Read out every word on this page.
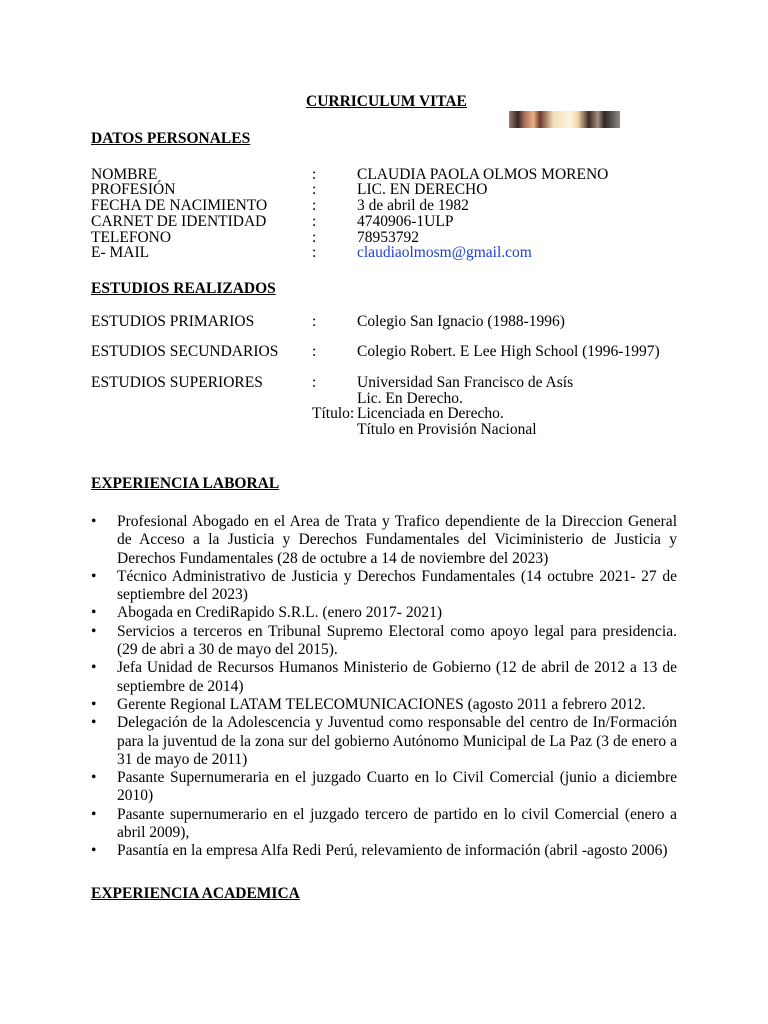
CURRICULUM VITAE
DATOS PERSONALES
NOMBRE	:	CLAUDIA PAOLA OLMOS MORENO
PROFESIÓN	:	LIC. EN DERECHO
FECHA DE NACIMIENTO	:	3 de abril de 1982
CARNET DE IDENTIDAD	:	4740906-1ULP
TELEFONO	:	78953792
E- MAIL	:	claudiaolmosm@gmail.com
ESTUDIOS REALIZADOS
ESTUDIOS PRIMARIOS	:	Colegio San Ignacio (1988-1996)
ESTUDIOS SECUNDARIOS :	Colegio Robert. E Lee High School (1996-1997)
ESTUDIOS SUPERIORES	:	Universidad San Francisco de Asís
Lic. En Derecho.
Título: Licenciada en Derecho.
Título en Provisión Nacional
EXPERIENCIA LABORAL
• Profesional Abogado en el Area de Trata y Trafico dependiente de la Direccion General de Acceso a la Justicia y Derechos Fundamentales del Viciministerio de Justicia y Derechos Fundamentales (28 de octubre a 14 de noviembre del 2023)
• Técnico Administrativo de Justicia y Derechos Fundamentales (14 octubre 2021- 27 de septiembre del 2023)
• Abogada en CrediRapido S.R.L. (enero 2017- 2021)
• Servicios a terceros en Tribunal Supremo Electoral como apoyo legal para presidencia. (29 de abri a 30 de mayo del 2015).
• Jefa Unidad de Recursos Humanos Ministerio de Gobierno (12 de abril de 2012 a 13 de septiembre de 2014)
• Gerente Regional LATAM TELECOMUNICACIONES (agosto 2011 a febrero 2012.
• Delegación de la Adolescencia y Juventud como responsable del centro de In/Formación para la juventud de la zona sur del gobierno Autónomo Municipal de La Paz (3 de enero a 31 de mayo de 2011)
• Pasante Supernumeraria en el juzgado Cuarto en lo Civil Comercial (junio a diciembre 2010)
• Pasante supernumerario en el juzgado tercero de partido en lo civil Comercial (enero a abril 2009),
• Pasantía en la empresa Alfa Redi Perú, relevamiento de información (abril -agosto 2006)
EXPERIENCIA ACADEMICA
